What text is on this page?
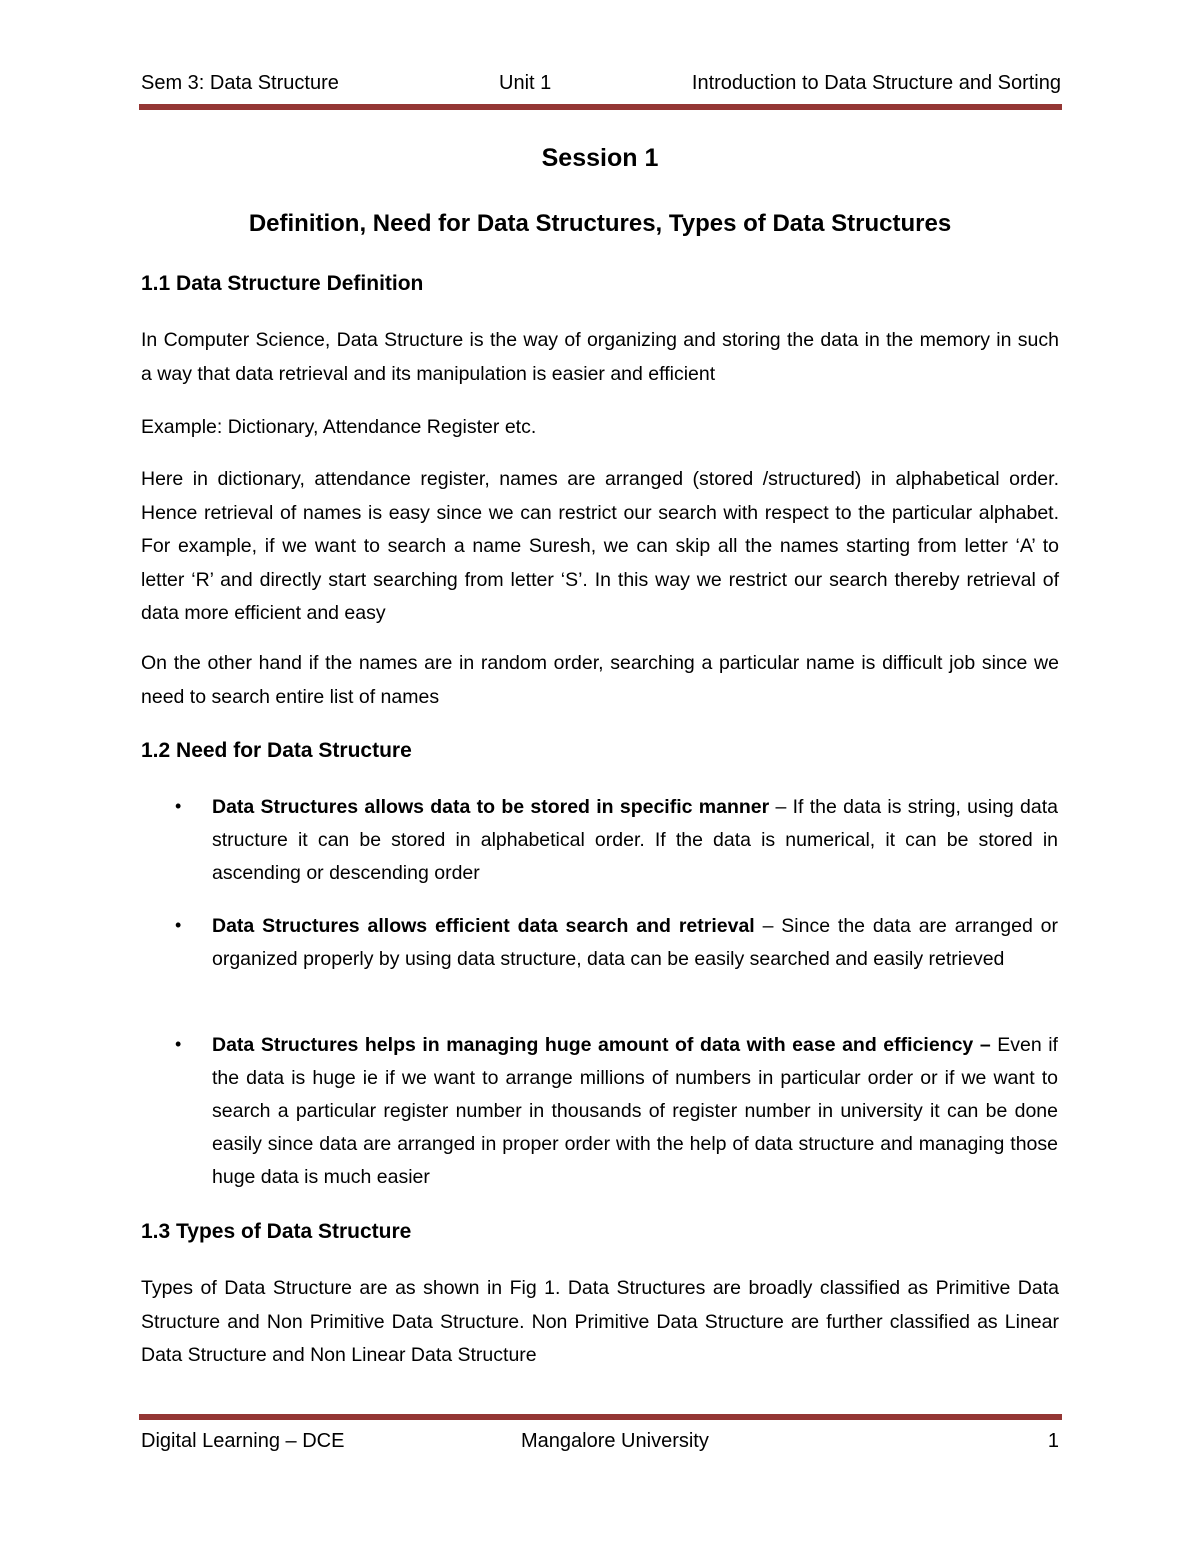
Sem 3: Data Structure	Unit 1	Introduction to Data Structure and Sorting
Session 1
Definition, Need for Data Structures, Types of Data Structures
1.1 Data Structure Definition
In Computer Science, Data Structure is the way of organizing and storing the data in the memory in such a way that data retrieval and its manipulation is easier and efficient
Example: Dictionary, Attendance Register etc.
Here in dictionary, attendance register, names are arranged (stored /structured) in alphabetical order. Hence retrieval of names is easy since we can restrict our search with respect to the particular alphabet. For example, if we want to search a name Suresh, we can skip all the names starting from letter ‘A’ to letter ‘R’ and directly start searching from letter ‘S’. In this way we restrict our search thereby retrieval of data more efficient and easy
On the other hand if the names are in random order, searching a particular name is difficult job since we need to search entire list of names
1.2 Need for Data Structure
• Data Structures allows data to be stored in specific manner – If the data is string, using data structure it can be stored in alphabetical order. If the data is numerical, it can be stored in ascending or descending order
• Data Structures allows efficient data search and retrieval – Since the data are arranged or organized properly by using data structure, data can be easily searched and easily retrieved
• Data Structures helps in managing huge amount of data with ease and efficiency – Even if the data is huge ie if we want to arrange millions of numbers in particular order or if we want to search a particular register number in thousands of register number in university it can be done easily since data are arranged in proper order with the help of data structure and managing those huge data is much easier
1.3 Types of Data Structure
Types of Data Structure are as shown in Fig 1. Data Structures are broadly classified as Primitive Data Structure and Non Primitive Data Structure. Non Primitive Data Structure are further classified as Linear Data Structure and Non Linear Data Structure
Digital Learning – DCE	Mangalore University	1
